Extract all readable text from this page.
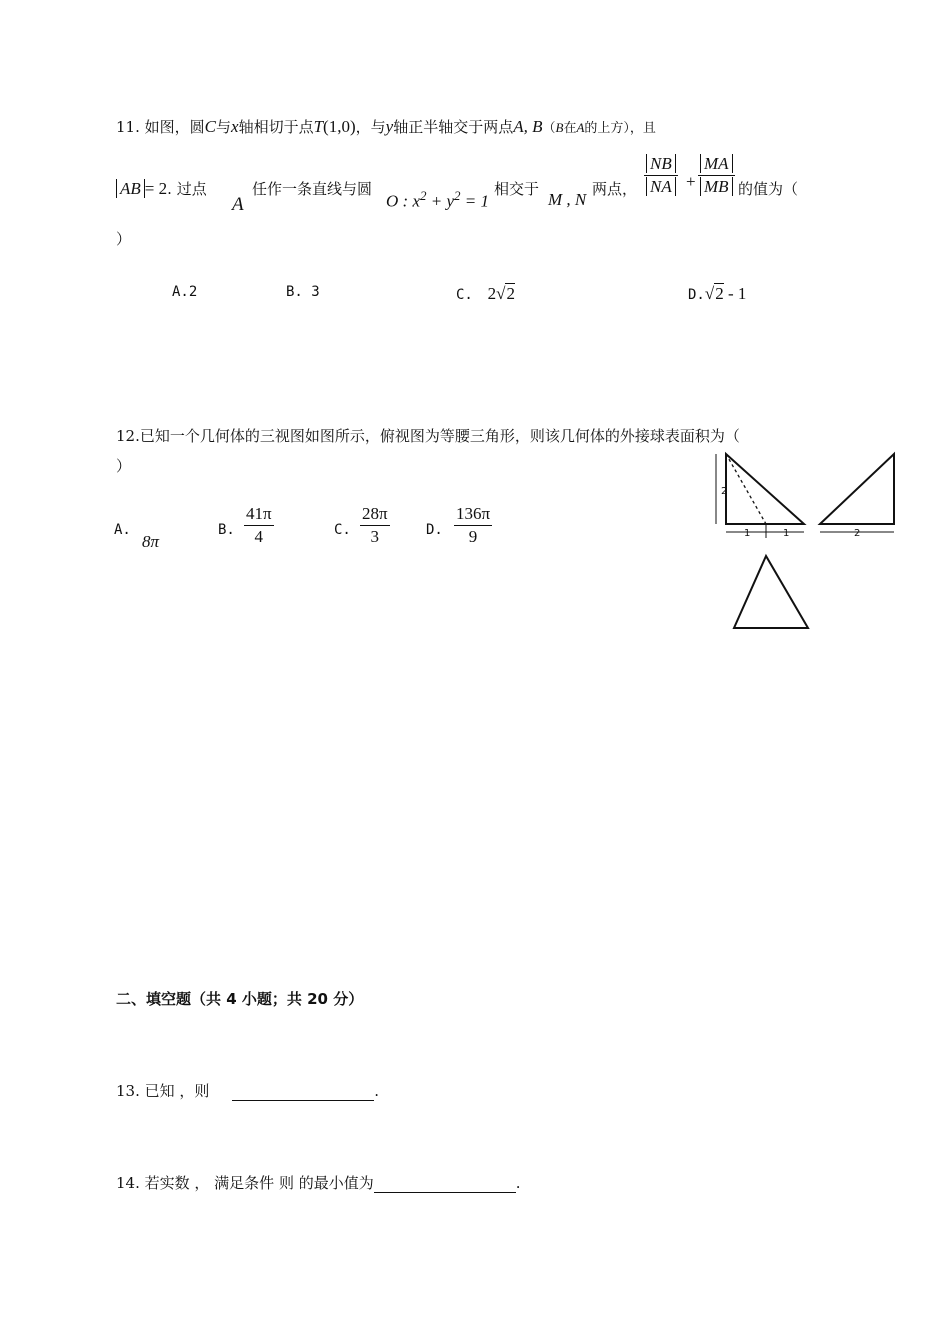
11. 如图，圆C与x轴相切于点T(1,0)，与y轴正半轴交于两点A, B（B在A的上方），且
AB = 2. 过点
A
任作一条直线与圆
O : $x^2 + y^2 = 1$
相交于
M , N
两点， $\frac{NB}{NA} + \frac{MA}{MB}$ 的值为（
）
A.2	B. 3	C. 2√2	D.√2 - 1
12.已知一个几何体的三视图如图所示，俯视图为等腰三角形，则该几何体的外接球表面积为（
）
A.
8π
B. $\frac{41\pi}{4}$	C. $\frac{28\pi}{3}$	D. $\frac{136\pi}{9}$
2
1	1	2
二、填空题（共 4 小题；共 20 分）
13. 已知 ，则	.
14. 若实数 ， 满足条件 则 的最小值为	.
